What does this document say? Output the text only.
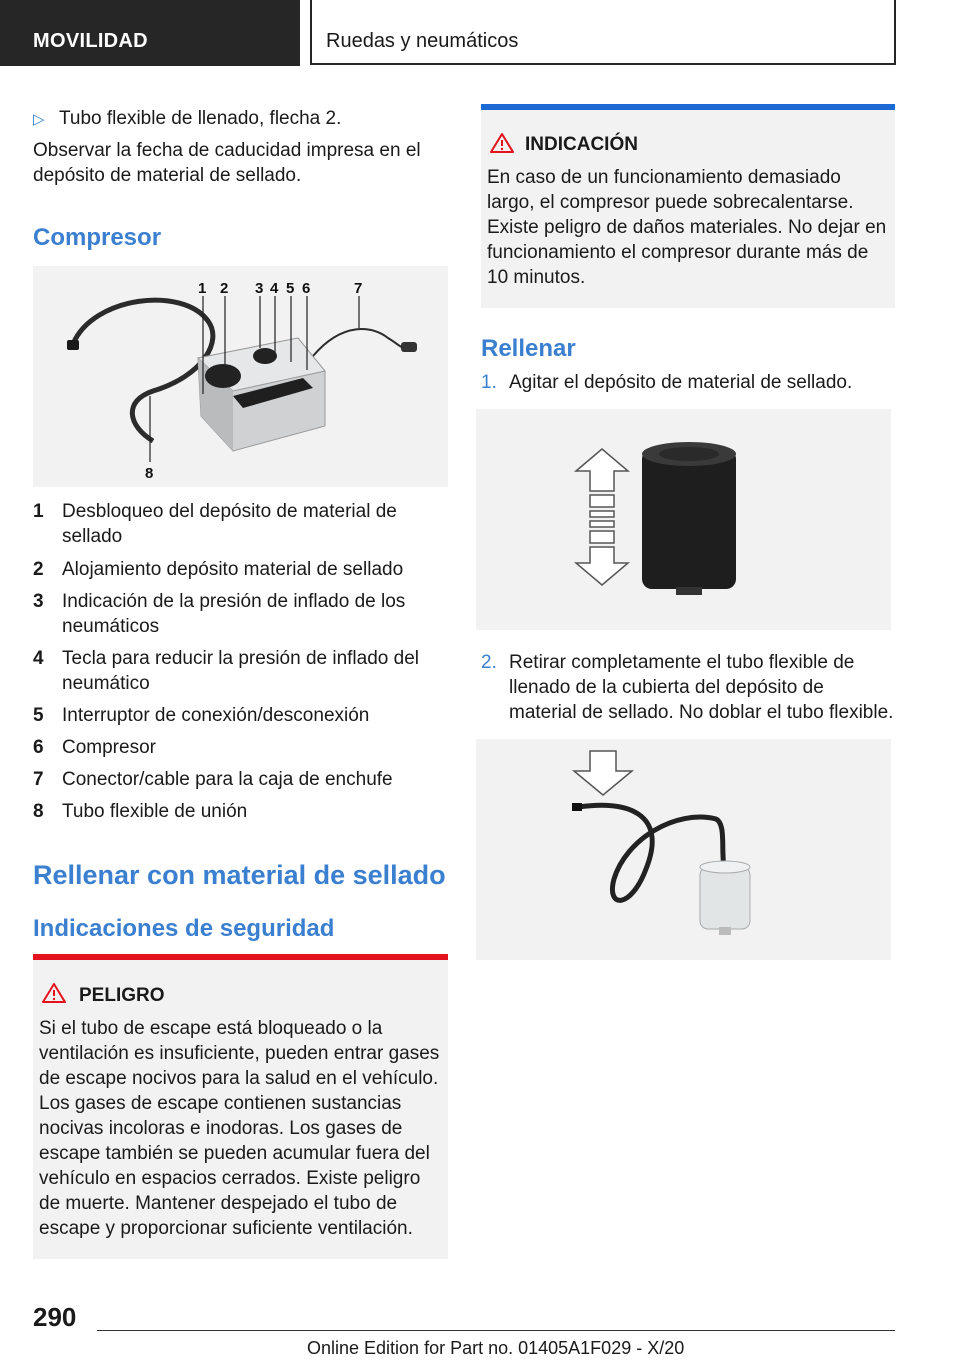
MOVILIDAD	Ruedas y neumáticos
▷ Tubo flexible de llenado, flecha 2.
Observar la fecha de caducidad impresa en el depósito de material de sellado.
Compresor
1 2 3 4 5 6	7
8
1 Desbloqueo del depósito de material de sellado
2 Alojamiento depósito material de sellado
3 Indicación de la presión de inflado de los neumáticos
4 Tecla para reducir la presión de inflado del neumático
5 Interruptor de conexión/desconexión
6 Compresor
7 Conector/cable para la caja de enchufe
8 Tubo flexible de unión
Rellenar con material de sellado
Indicaciones de seguridad
PELIGRO
Si el tubo de escape está bloqueado o la ventilación es insuficiente, pueden entrar gases de escape nocivos para la salud en el vehículo. Los gases de escape contienen sustancias nocivas incoloras e inodoras. Los gases de escape también se pueden acumular fuera del vehículo en espacios cerrados. Existe peligro de muerte. Mantener despejado el tubo de escape y proporcionar suficiente ventilación.
INDICACIÓN
En caso de un funcionamiento demasiado largo, el compresor puede sobrecalentarse. Existe peligro de daños materiales. No dejar en funcionamiento el compresor durante más de 10 minutos.
Rellenar
1. Agitar el depósito de material de sellado.
2. Retirar completamente el tubo flexible de llenado de la cubierta del depósito de material de sellado. No doblar el tubo flexible.
290
Online Edition for Part no. 01405A1F029 - X/20
